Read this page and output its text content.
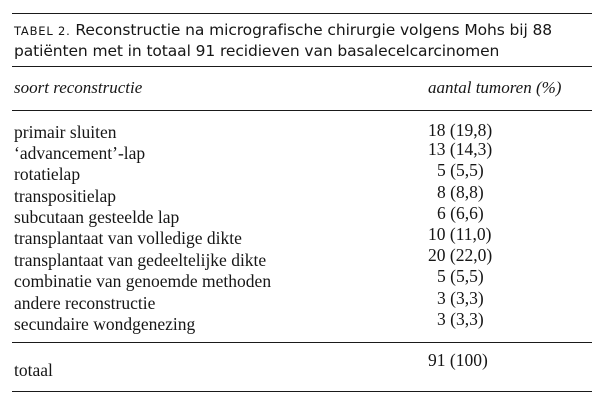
TABEL 2. Reconstructie na micrografische chirurgie volgens Mohs bij 88
patiënten met in totaal 91 recidieven van basalecelcarcinomen
soort reconstructie	aantal tumoren (%)
primair sluiten	18 (19,8)
‘advancement’-lap	13 (14,3)
rotatielap	5 (5,5)
transpositielap	8 (8,8)
subcutaan gesteelde lap	6 (6,6)
transplantaat van volledige dikte	10 (11,0)
transplantaat van gedeeltelijke dikte	20 (22,0)
combinatie van genoemde methoden	5 (5,5)
andere reconstructie	3 (3,3)
secundaire wondgenezing	3 (3,3)
totaal	91 (100)
